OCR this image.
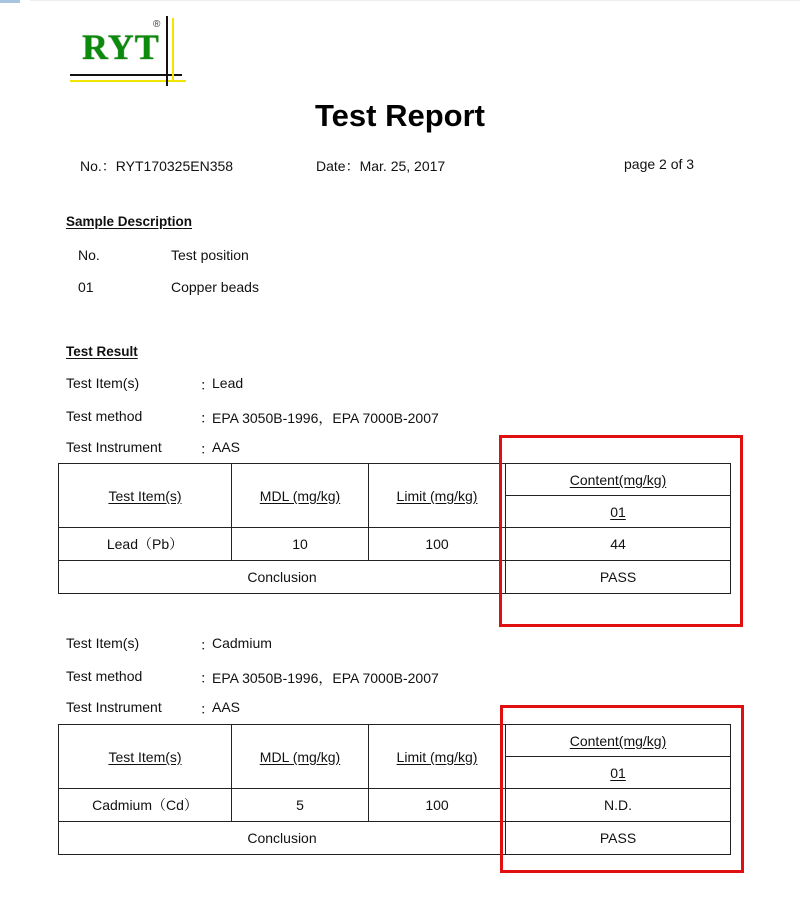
RYT
®
Test Report
No.：RYT170325EN358	Date：Mar. 25, 2017	page 2 of 3
Sample Description
No.	Test position
01	Copper beads
Test Result
Test Item(s)	：
Lead
Test method	：
EPA 3050B-1996，EPA 7000B-2007
Test Instrument	：
AAS
Test Item(s)	MDL (mg/kg)	Limit (mg/kg)	Content(mg/kg)
			01
Lead（Pb）	10	100	44
Conclusion			PASS
Test Item(s)	：
Cadmium
Test method	：
EPA 3050B-1996，EPA 7000B-2007
Test Instrument	：
AAS
Test Item(s)	MDL (mg/kg)	Limit (mg/kg)	Content(mg/kg)
			01
Cadmium（Cd）	5	100	N.D.
Conclusion			PASS
